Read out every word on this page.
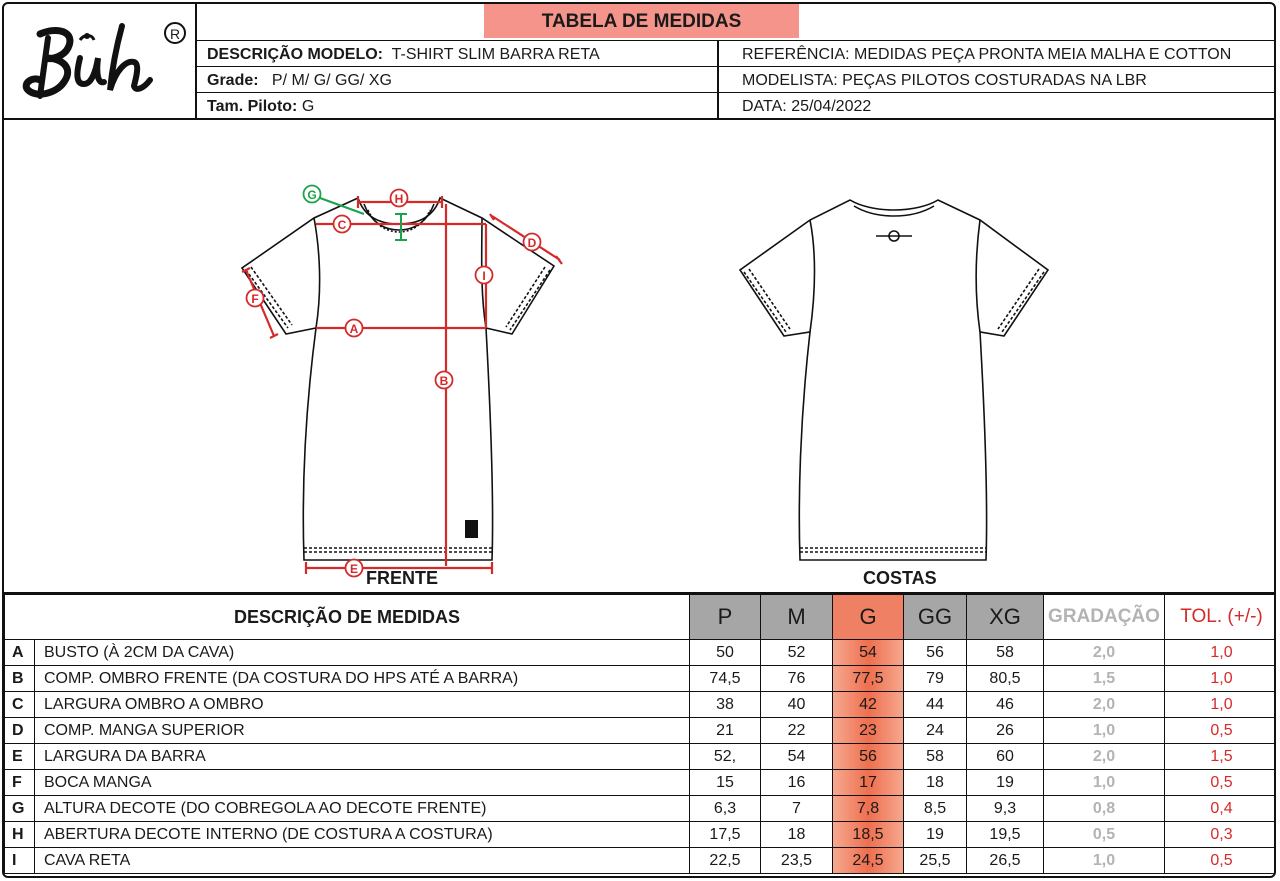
R
TABELA DE MEDIDAS
DESCRIÇÃO MODELO: T-SHIRT SLIM BARRA RETA	REFERÊNCIA: MEDIDAS PEÇA PRONTA MEIA MALHA E COTTON
Grade: P/ M/ G/ GG/ XG	MODELISTA: PEÇAS PILOTOS COSTURADAS NA LBR
Tam. Piloto: G	DATA: 25/04/2022
H
G
C
D
F
I
A
B
E FRENTE	COSTAS
DESCRIÇÃO DE MEDIDAS		P	M	G	GG	XG	GRADAÇÃO	TOL. (+/-)
A	BUSTO (À 2CM DA CAVA)	50	52	54	56	58	2,0	1,0
B	COMP. OMBRO FRENTE (DA COSTURA DO HPS ATÉ A BARRA)	74,5	76	77,5	79	80,5	1,5	1,0
C	LARGURA OMBRO A OMBRO	38	40	42	44	46	2,0	1,0
D	COMP. MANGA SUPERIOR	21	22	23	24	26	1,0	0,5
E	LARGURA DA BARRA	52,	54	56	58	60	2,0	1,5
F	BOCA MANGA	15	16	17	18	19	1,0	0,5
G	ALTURA DECOTE (DO COBREGOLA AO DECOTE FRENTE)	6,3	7	7,8	8,5	9,3	0,8	0,4
H	ABERTURA DECOTE INTERNO (DE COSTURA A COSTURA)	17,5	18	18,5	19	19,5	0,5	0,3
I	CAVA RETA	22,5	23,5	24,5	25,5	26,5	1,0	0,5
